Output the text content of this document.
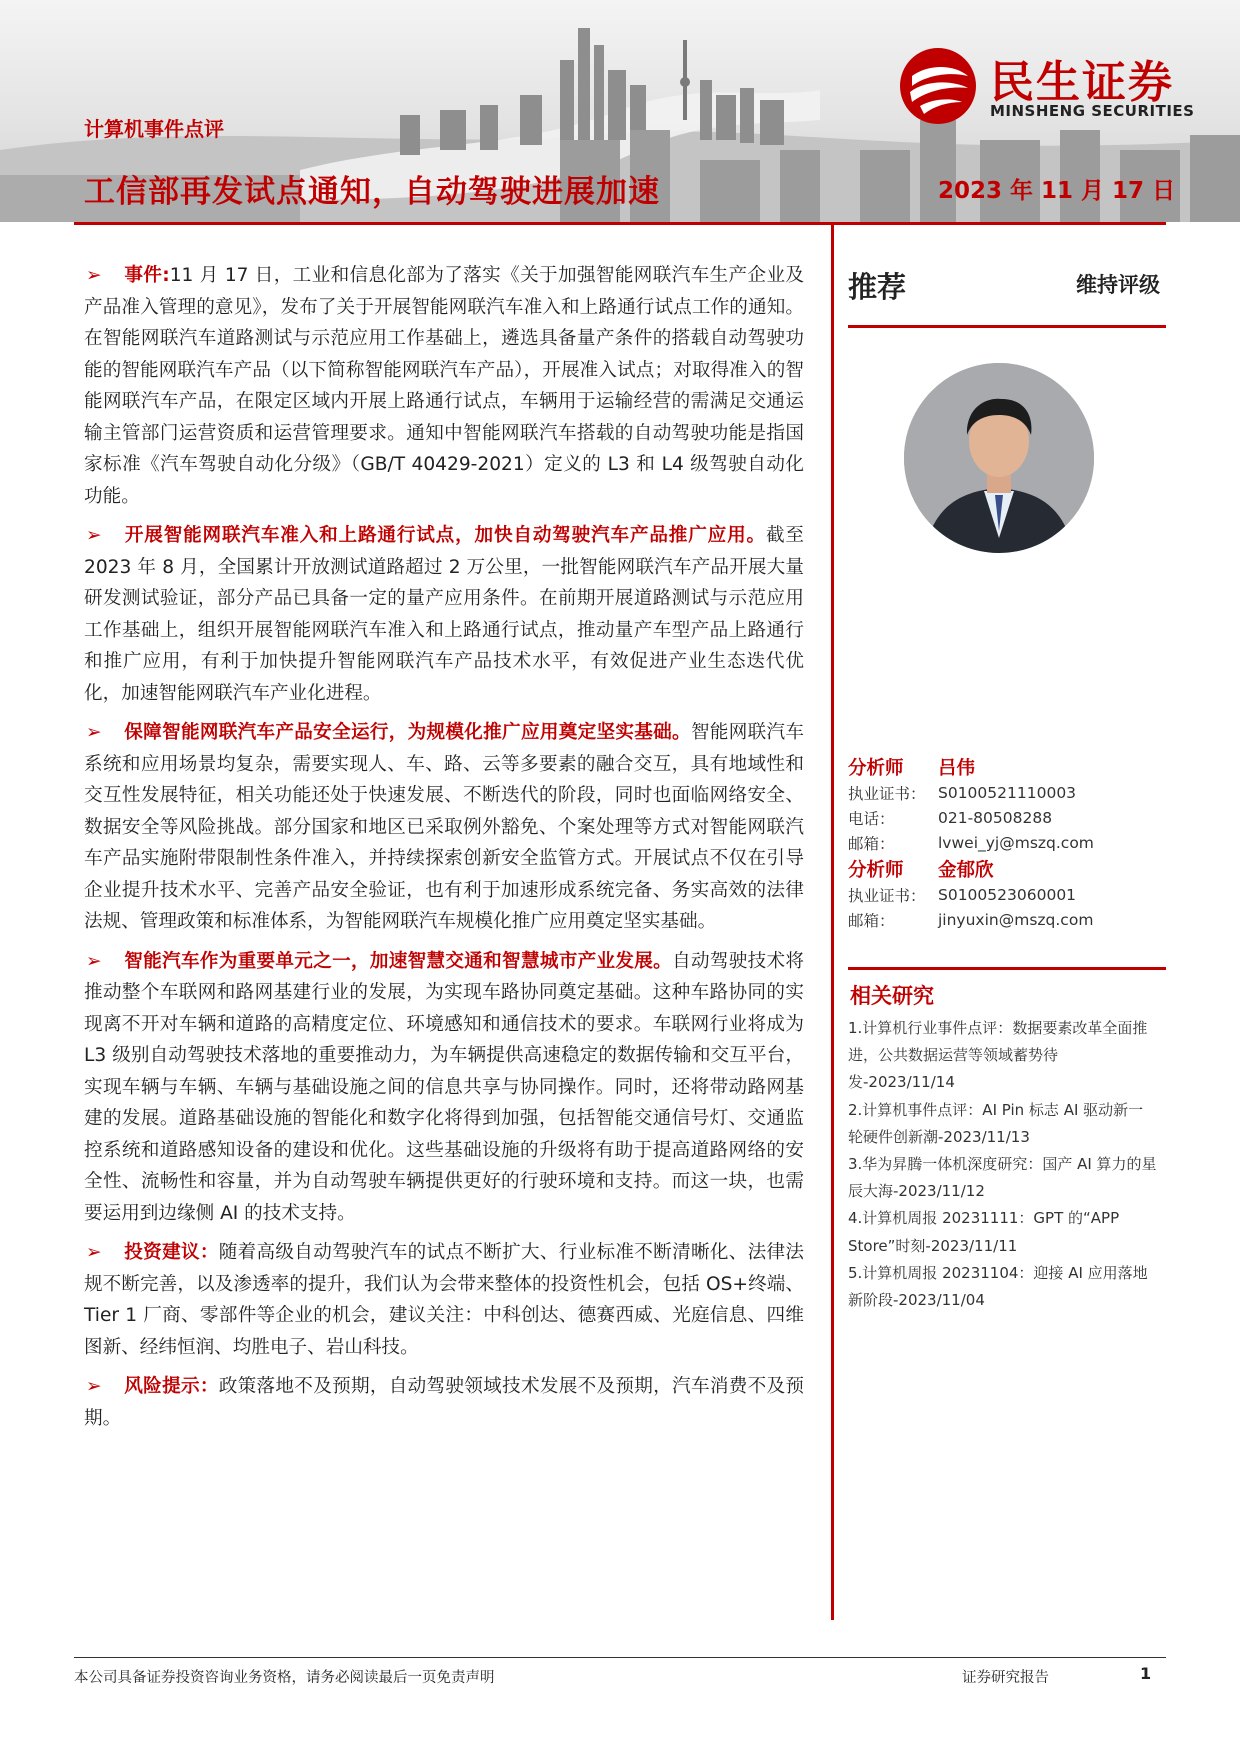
计算机事件点评
工信部再发试点通知，自动驾驶进展加速	2023 年 11 月 17 日
民生证券
MINSHENG SECURITIES
➢ 事件:11 月 17 日，工业和信息化部为了落实《关于加强智能网联汽车生产企业及产品准入管理的意见》，发布了关于开展智能网联汽车准入和上路通行试点工作的通知。在智能网联汽车道路测试与示范应用工作基础上，遴选具备量产条件的搭载自动驾驶功能的智能网联汽车产品（以下简称智能网联汽车产品），开展准入试点；对取得准入的智能网联汽车产品，在限定区域内开展上路通行试点，车辆用于运输经营的需满足交通运输主管部门运营资质和运营管理要求。通知中智能网联汽车搭载的自动驾驶功能是指国家标准《汽车驾驶自动化分级》（GB/T 40429-2021）定义的 L3 和 L4 级驾驶自动化功能。
➢ 开展智能网联汽车准入和上路通行试点，加快自动驾驶汽车产品推广应用。截至 2023 年 8 月，全国累计开放测试道路超过 2 万公里，一批智能网联汽车产品开展大量研发测试验证，部分产品已具备一定的量产应用条件。在前期开展道路测试与示范应用工作基础上，组织开展智能网联汽车准入和上路通行试点，推动量产车型产品上路通行和推广应用，有利于加快提升智能网联汽车产品技术水平，有效促进产业生态迭代优化，加速智能网联汽车产业化进程。
➢ 保障智能网联汽车产品安全运行，为规模化推广应用奠定坚实基础。智能网联汽车系统和应用场景均复杂，需要实现人、车、路、云等多要素的融合交互，具有地域性和交互性发展特征，相关功能还处于快速发展、不断迭代的阶段，同时也面临网络安全、数据安全等风险挑战。部分国家和地区已采取例外豁免、个案处理等方式对智能网联汽车产品实施附带限制性条件准入，并持续探索创新安全监管方式。开展试点不仅在引导企业提升技术水平、完善产品安全验证，也有利于加速形成系统完备、务实高效的法律法规、管理政策和标准体系，为智能网联汽车规模化推广应用奠定坚实基础。
➢ 智能汽车作为重要单元之一，加速智慧交通和智慧城市产业发展。自动驾驶技术将推动整个车联网和路网基建行业的发展，为实现车路协同奠定基础。这种车路协同的实现离不开对车辆和道路的高精度定位、环境感知和通信技术的要求。车联网行业将成为 L3 级别自动驾驶技术落地的重要推动力，为车辆提供高速稳定的数据传输和交互平台，实现车辆与车辆、车辆与基础设施之间的信息共享与协同操作。同时，还将带动路网基建的发展。道路基础设施的智能化和数字化将得到加强，包括智能交通信号灯、交通监控系统和道路感知设备的建设和优化。这些基础设施的升级将有助于提高道路网络的安全性、流畅性和容量，并为自动驾驶车辆提供更好的行驶环境和支持。而这一块，也需要运用到边缘侧 AI 的技术支持。
➢ 投资建议：随着高级自动驾驶汽车的试点不断扩大、行业标准不断清晰化、法律法规不断完善，以及渗透率的提升，我们认为会带来整体的投资性机会，包括 OS+终端、Tier 1 厂商、零部件等企业的机会，建议关注：中科创达、德赛西威、光庭信息、四维图新、经纬恒润、均胜电子、岩山科技。
➢ 风险提示：政策落地不及预期，自动驾驶领域技术发展不及预期，汽车消费不及预期。
推荐	维持评级
分析师	吕伟
执业证书： S0100521110003
电话：	021-80508288
邮箱：	lvwei_yj@mszq.com
分析师	金郁欣
执业证书： S0100523060001
邮箱：	jinyuxin@mszq.com
相关研究
1.计算机行业事件点评：数据要素改革全面推进，公共数据运营等领域蓄势待发-2023/11/14
2.计算机事件点评：AI Pin 标志 AI 驱动新一轮硬件创新潮-2023/11/13
3.华为昇腾一体机深度研究：国产 AI 算力的星辰大海-2023/11/12
4.计算机周报 20231111：GPT 的“APP Store”时刻-2023/11/11
5.计算机周报 20231104：迎接 AI 应用落地新阶段-2023/11/04
本公司具备证券投资咨询业务资格，请务必阅读最后一页免责声明	证券研究报告	1
